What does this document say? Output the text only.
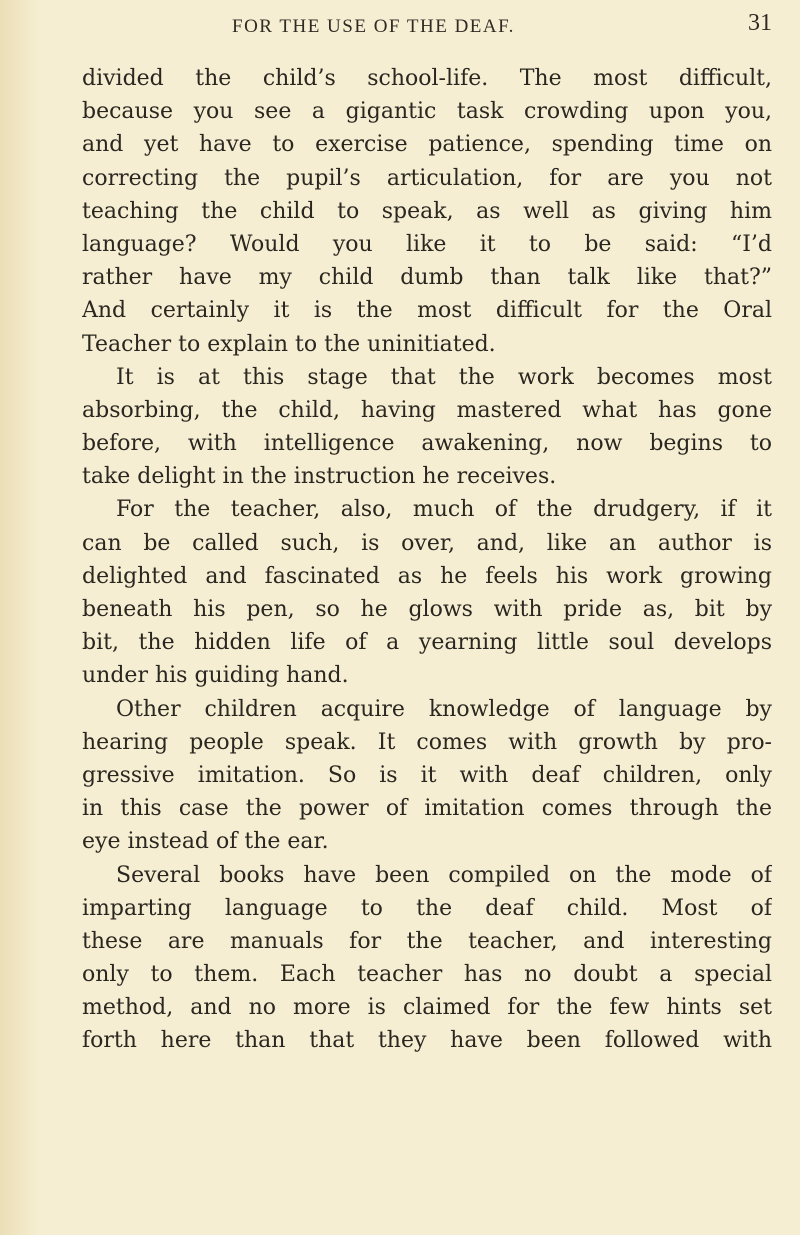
FOR THE USE OF THE DEAF.	31
divided the child’s school-life. The most difficult,
because you see a gigantic task crowding upon you,
and yet have to exercise patience, spending time on
correcting the pupil’s articulation, for are you not
teaching the child to speak, as well as giving him
language? Would you like it to be said: “I’d
rather have my child dumb than talk like that?”
And certainly it is the most difficult for the Oral
Teacher to explain to the uninitiated.
It is at this stage that the work becomes most
absorbing, the child, having mastered what has gone
before, with intelligence awakening, now begins to
take delight in the instruction he receives.
For the teacher, also, much of the drudgery, if it
can be called such, is over, and, like an author is
delighted and fascinated as he feels his work growing
beneath his pen, so he glows with pride as, bit by
bit, the hidden life of a yearning little soul develops
under his guiding hand.
Other children acquire knowledge of language by
hearing people speak. It comes with growth by pro-
gressive imitation. So is it with deaf children, only
in this case the power of imitation comes through the
eye instead of the ear.
Several books have been compiled on the mode of
imparting language to the deaf child. Most of
these are manuals for the teacher, and interesting
only to them. Each teacher has no doubt a special
method, and no more is claimed for the few hints set
forth here than that they have been followed with
